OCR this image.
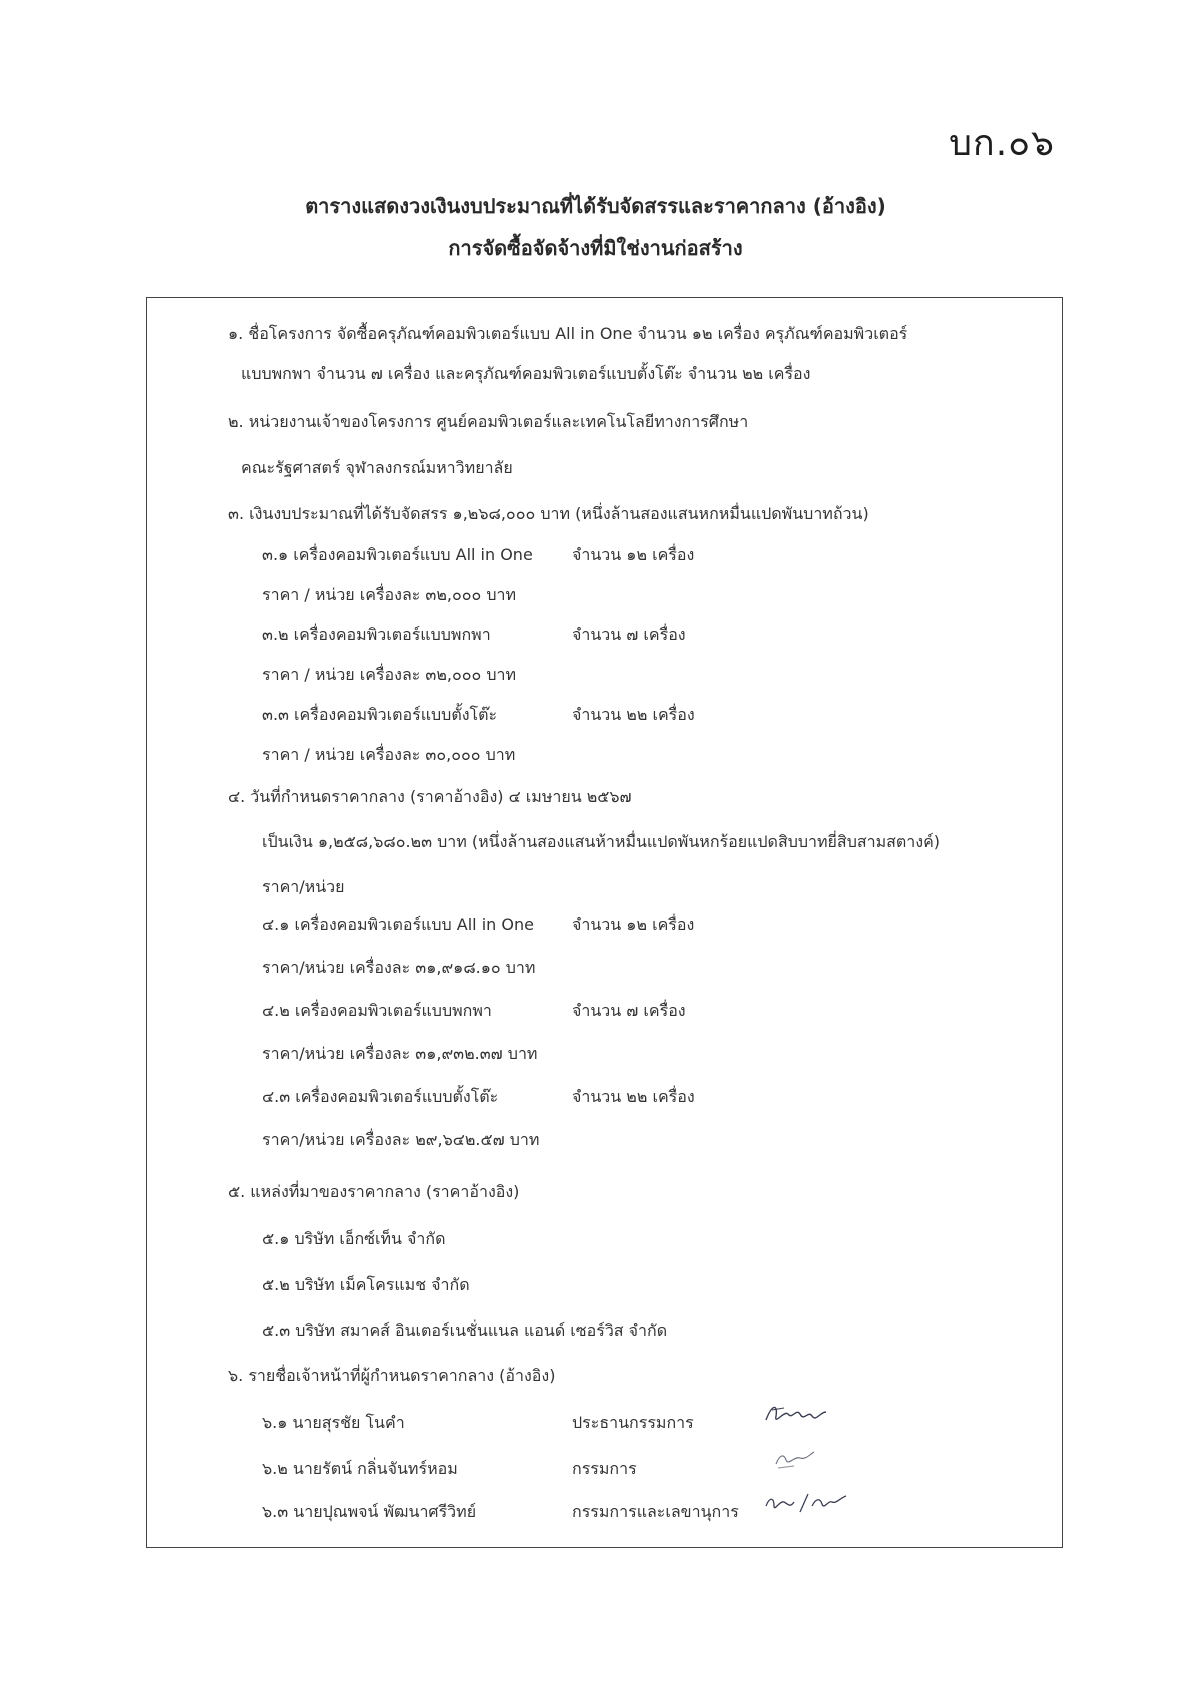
บก.๐๖
ตารางแสดงวงเงินงบประมาณที่ได้รับจัดสรรและราคากลาง (อ้างอิง)
การจัดซื้อจัดจ้างที่มิใช่งานก่อสร้าง
๑. ชื่อโครงการ จัดซื้อครุภัณฑ์คอมพิวเตอร์แบบ All in One จำนวน ๑๒ เครื่อง ครุภัณฑ์คอมพิวเตอร์
แบบพกพา จำนวน ๗ เครื่อง และครุภัณฑ์คอมพิวเตอร์แบบตั้งโต๊ะ จำนวน ๒๒ เครื่อง
๒. หน่วยงานเจ้าของโครงการ ศูนย์คอมพิวเตอร์และเทคโนโลยีทางการศึกษา
คณะรัฐศาสตร์ จุฬาลงกรณ์มหาวิทยาลัย
๓. เงินงบประมาณที่ได้รับจัดสรร ๑,๒๖๘,๐๐๐ บาท (หนึ่งล้านสองแสนหกหมื่นแปดพันบาทถ้วน)
๓.๑ เครื่องคอมพิวเตอร์แบบ All in One จำนวน ๑๒ เครื่อง
ราคา / หน่วย เครื่องละ ๓๒,๐๐๐ บาท
๓.๒ เครื่องคอมพิวเตอร์แบบพกพา	จำนวน ๗ เครื่อง
ราคา / หน่วย เครื่องละ ๓๒,๐๐๐ บาท
๓.๓ เครื่องคอมพิวเตอร์แบบตั้งโต๊ะ	จำนวน ๒๒ เครื่อง
ราคา / หน่วย เครื่องละ ๓๐,๐๐๐ บาท
๔. วันที่กำหนดราคากลาง (ราคาอ้างอิง) ๔ เมษายน ๒๕๖๗
เป็นเงิน ๑,๒๕๘,๖๘๐.๒๓ บาท (หนึ่งล้านสองแสนห้าหมื่นแปดพันหกร้อยแปดสิบบาทยี่สิบสามสตางค์)
ราคา/หน่วย
๔.๑ เครื่องคอมพิวเตอร์แบบ All in One จำนวน ๑๒ เครื่อง
ราคา/หน่วย เครื่องละ ๓๑,๙๑๘.๑๐ บาท
๔.๒ เครื่องคอมพิวเตอร์แบบพกพา	จำนวน ๗ เครื่อง
ราคา/หน่วย เครื่องละ ๓๑,๙๓๒.๓๗ บาท
๔.๓ เครื่องคอมพิวเตอร์แบบตั้งโต๊ะ	จำนวน ๒๒ เครื่อง
ราคา/หน่วย เครื่องละ ๒๙,๖๔๒.๕๗ บาท
๕. แหล่งที่มาของราคากลาง (ราคาอ้างอิง)
๕.๑ บริษัท เอ็กซ์เท็น จำกัด
๕.๒ บริษัท เม็คโครแมช จำกัด
๕.๓ บริษัท สมาคส์ อินเตอร์เนชั่นแนล แอนด์ เซอร์วิส จำกัด
๖. รายชื่อเจ้าหน้าที่ผู้กำหนดราคากลาง (อ้างอิง)
๖.๑ นายสุรชัย โนคำ	ประธานกรรมการ
๖.๒ นายรัตน์ กลิ่นจันทร์หอม	กรรมการ
๖.๓ นายปุณพจน์ พัฒนาศรีวิทย์	กรรมการและเลขานุการ
